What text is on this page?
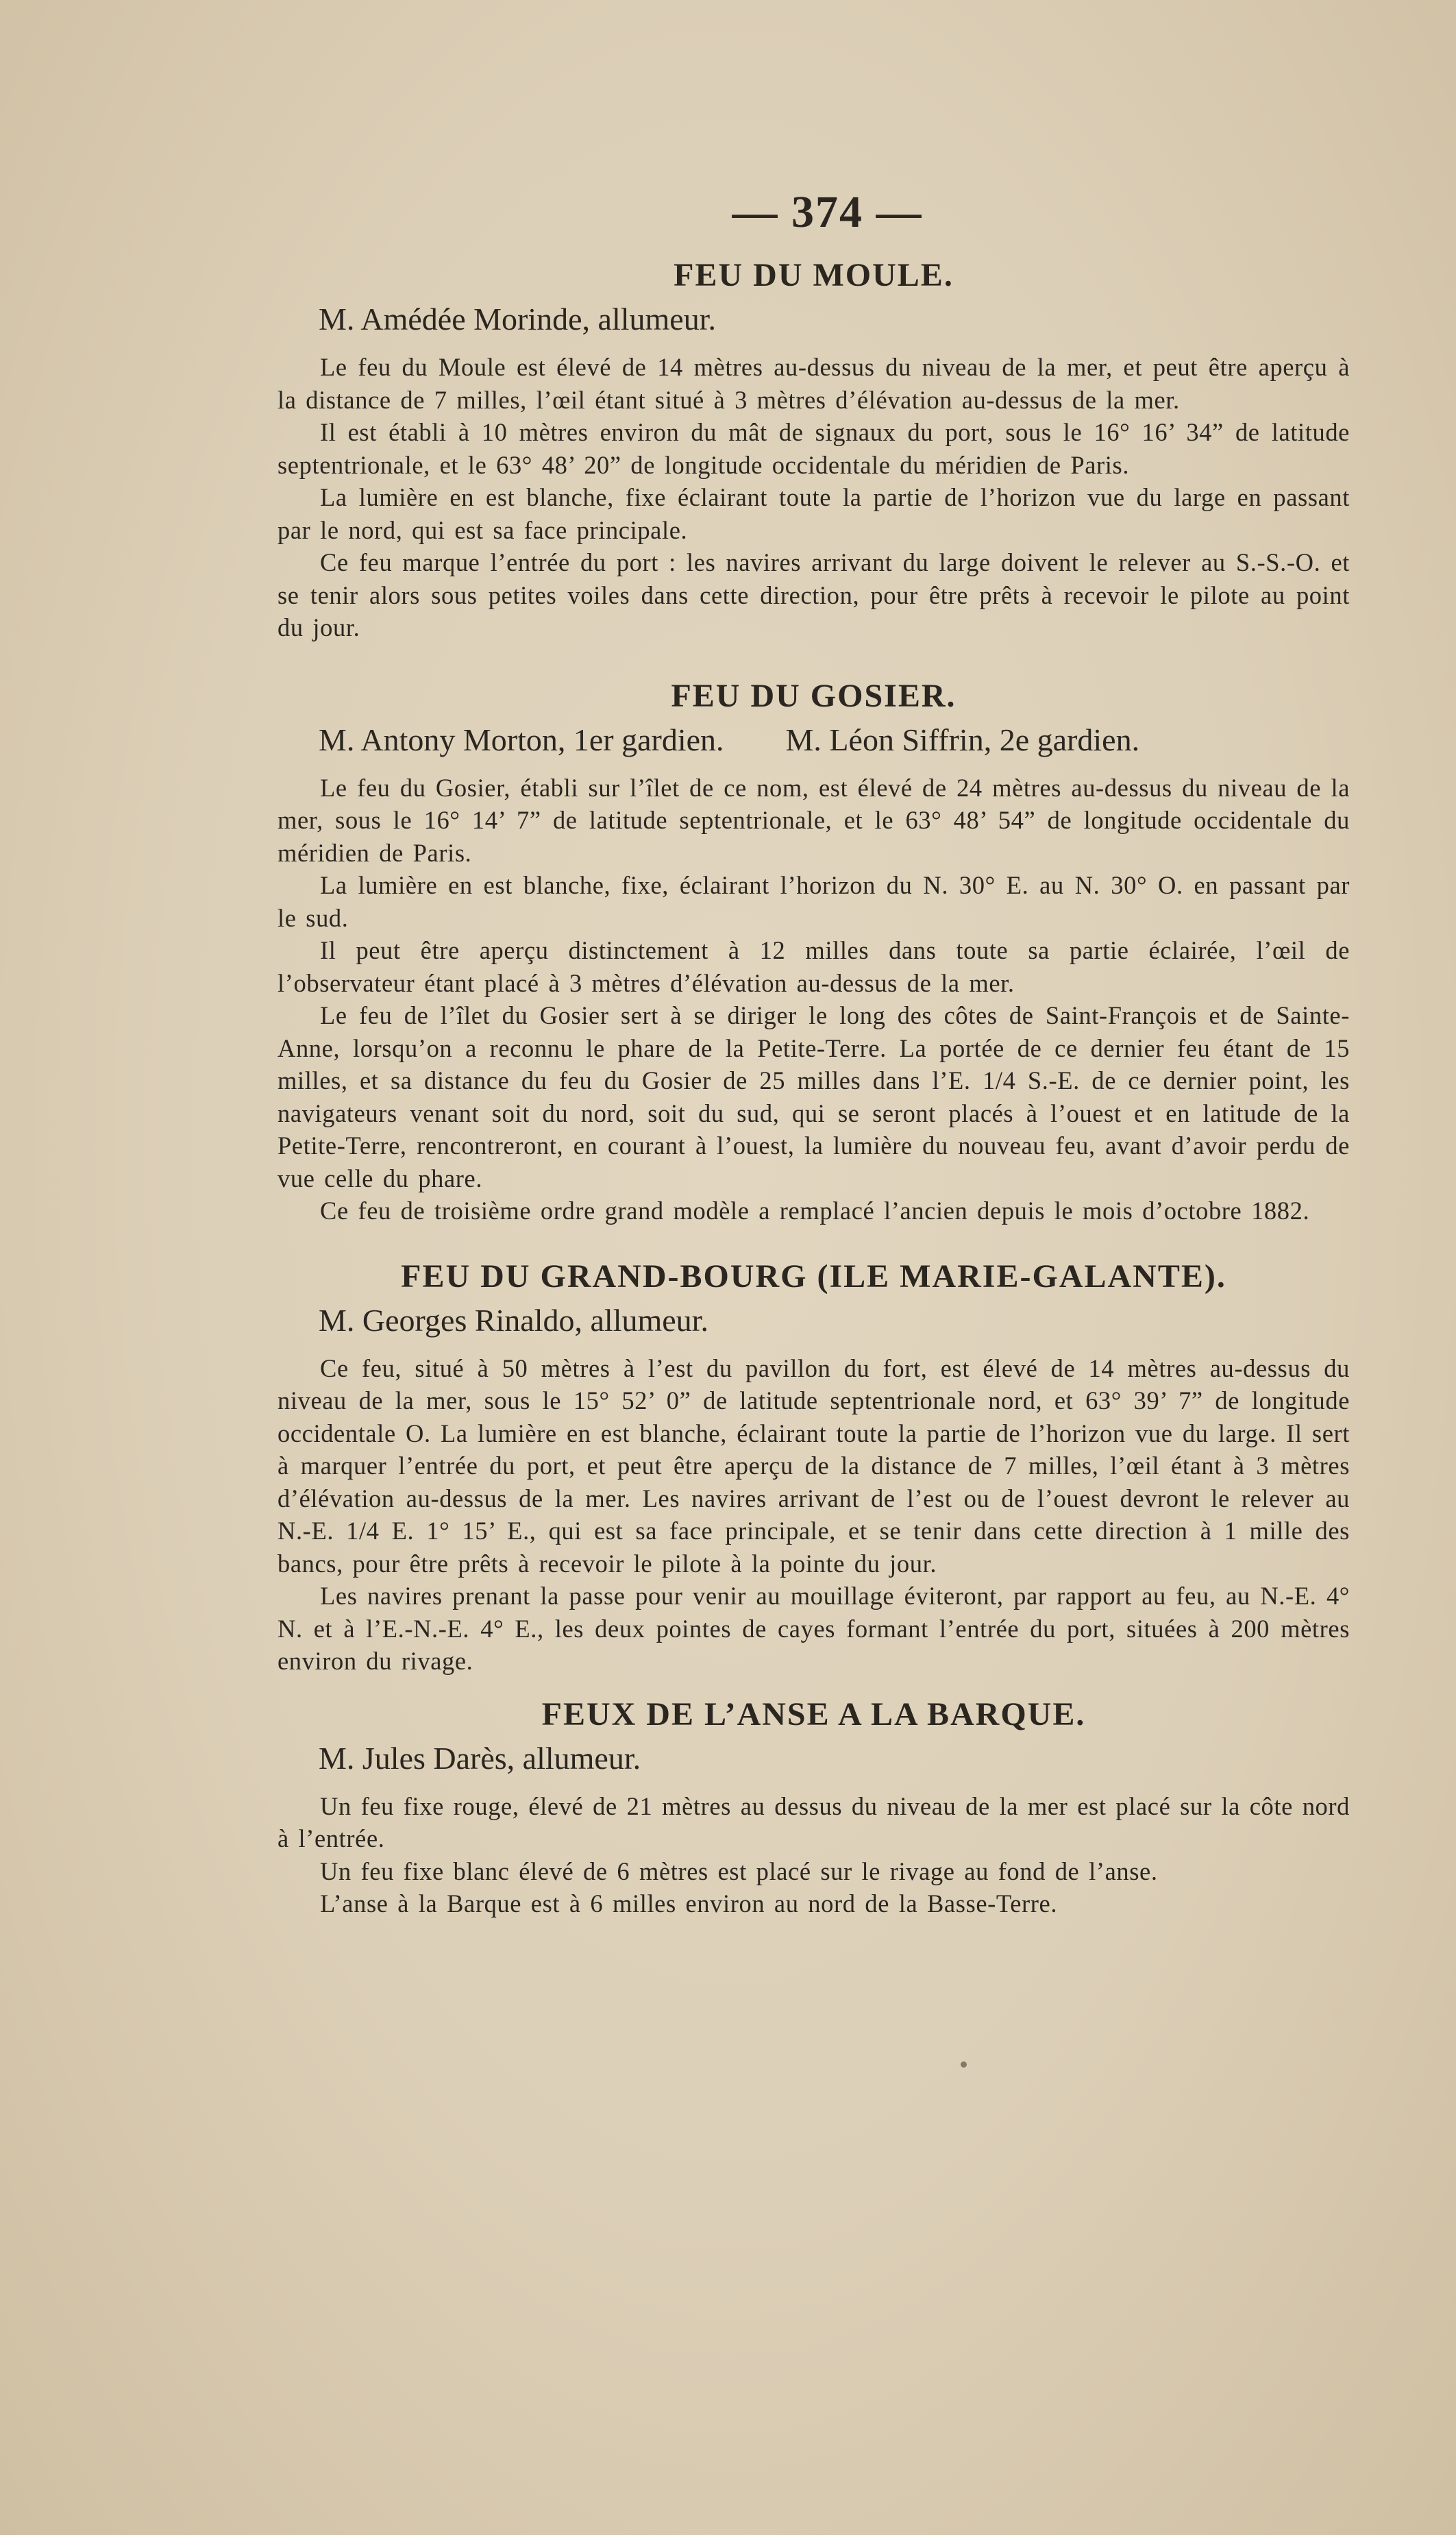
— 374 —
FEU DU MOULE.
M. Amédée Morinde, allumeur.

Le feu du Moule est élevé de 14 mètres au-dessus du niveau de la mer, et peut être aperçu à la distance de 7 milles, l’œil étant situé à 3 mètres d’élévation au-dessus de la mer.

Il est établi à 10 mètres environ du mât de signaux du port, sous le 16° 16’ 34” de latitude septentrionale, et le 63° 48’ 20” de longitude occidentale du méridien de Paris.

La lumière en est blanche, fixe éclairant toute la partie de l’horizon vue du large en passant par le nord, qui est sa face principale.

Ce feu marque l’entrée du port : les navires arrivant du large doivent le relever au S.-S.-O. et se tenir alors sous petites voiles dans cette direction, pour être prêts à recevoir le pilote au point du jour.

FEU DU GOSIER.
M. Antony Morton, 1er gardien. M. Léon Siffrin, 2e gardien.

Le feu du Gosier, établi sur l’îlet de ce nom, est élevé de 24 mètres au-dessus du niveau de la mer, sous le 16° 14’ 7” de latitude septentrionale, et le 63° 48’ 54” de longitude occidentale du méridien de Paris.

La lumière en est blanche, fixe, éclairant l’horizon du N. 30° E. au N. 30° O. en passant par le sud.

Il peut être aperçu distinctement à 12 milles dans toute sa partie éclairée, l’œil de l’observateur étant placé à 3 mètres d’élévation au-dessus de la mer.

Le feu de l’îlet du Gosier sert à se diriger le long des côtes de Saint-François et de Sainte-Anne, lorsqu’on a reconnu le phare de la Petite-Terre. La portée de ce dernier feu étant de 15 milles, et sa distance du feu du Gosier de 25 milles dans l’E. 1/4 S.-E. de ce dernier point, les navigateurs venant soit du nord, soit du sud, qui se seront placés à l’ouest et en latitude de la Petite-Terre, rencontreront, en courant à l’ouest, la lumière du nouveau feu, avant d’avoir perdu de vue celle du phare.

Ce feu de troisième ordre grand modèle a remplacé l’ancien depuis le mois d’octobre 1882.

FEU DU GRAND-BOURG (ILE MARIE-GALANTE).
M. Georges Rinaldo, allumeur.

Ce feu, situé à 50 mètres à l’est du pavillon du fort, est élevé de 14 mètres au-dessus du niveau de la mer, sous le 15° 52’ 0” de latitude septentrionale nord, et 63° 39’ 7” de longitude occidentale O. La lumière en est blanche, éclairant toute la partie de l’horizon vue du large. Il sert à marquer l’entrée du port, et peut être aperçu de la distance de 7 milles, l’œil étant à 3 mètres d’élévation au-dessus de la mer. Les navires arrivant de l’est ou de l’ouest devront le relever au N.-E. 1/4 E. 1° 15’ E., qui est sa face principale, et se tenir dans cette direction à 1 mille des bancs, pour être prêts à recevoir le pilote à la pointe du jour.

Les navires prenant la passe pour venir au mouillage éviteront, par rapport au feu, au N.-E. 4° N. et à l’E.-N.-E. 4° E., les deux pointes de cayes formant l’entrée du port, situées à 200 mètres environ du rivage.

FEUX DE L’ANSE A LA BARQUE.
M. Jules Darès, allumeur.

Un feu fixe rouge, élevé de 21 mètres au dessus du niveau de la mer est placé sur la côte nord à l’entrée.

Un feu fixe blanc élevé de 6 mètres est placé sur le rivage au fond de l’anse.

L’anse à la Barque est à 6 milles environ au nord de la Basse-Terre.
